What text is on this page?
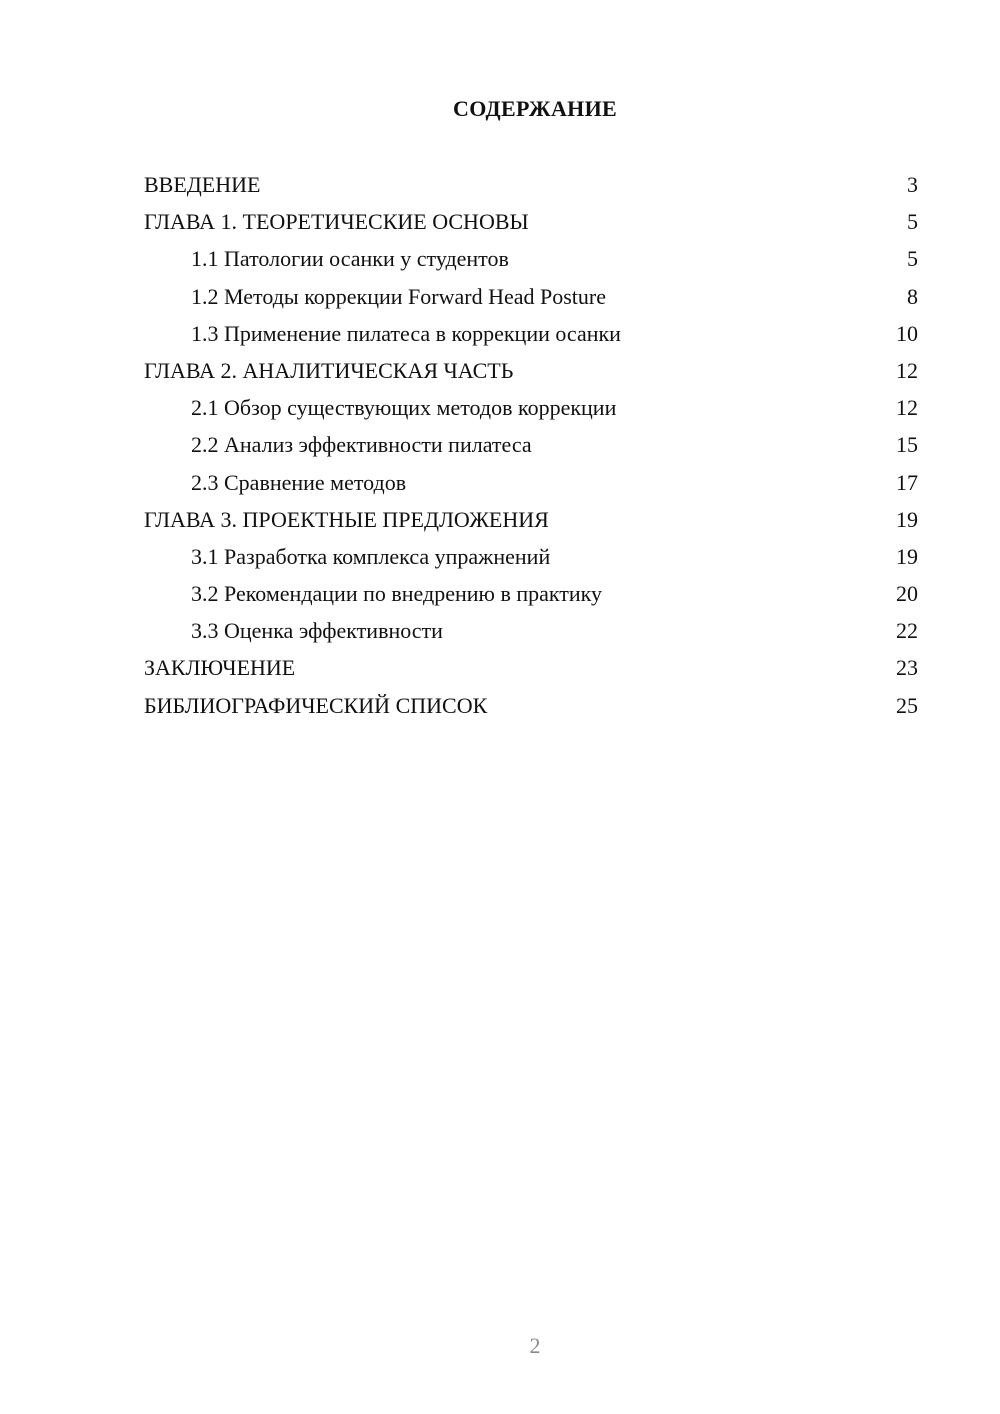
СОДЕРЖАНИЕ
ВВЕДЕНИЕ	3
ГЛАВА 1. ТЕОРЕТИЧЕСКИЕ ОСНОВЫ	5
1.1 Патологии осанки у студентов	5
1.2 Методы коррекции Forward Head Posture	8
1.3 Применение пилатеса в коррекции осанки	10
ГЛАВА 2. АНАЛИТИЧЕСКАЯ ЧАСТЬ	12
2.1 Обзор существующих методов коррекции	12
2.2 Анализ эффективности пилатеса	15
2.3 Сравнение методов	17
ГЛАВА 3. ПРОЕКТНЫЕ ПРЕДЛОЖЕНИЯ	19
3.1 Разработка комплекса упражнений	19
3.2 Рекомендации по внедрению в практику	20
3.3 Оценка эффективности	22
ЗАКЛЮЧЕНИЕ	23
БИБЛИОГРАФИЧЕСКИЙ СПИСОК	25
2
